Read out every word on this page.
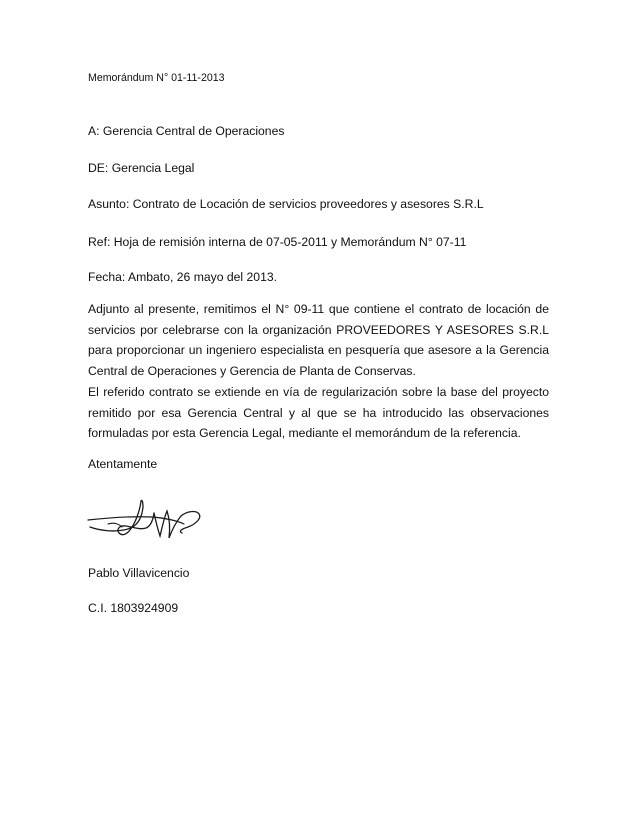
Memorándum N° 01-11-2013
A: Gerencia Central de Operaciones
DE: Gerencia Legal
Asunto: Contrato de Locación de servicios proveedores y asesores S.R.L
Ref: Hoja de remisión interna de 07-05-2011 y Memorándum N° 07-11
Fecha: Ambato, 26 mayo del 2013.
Adjunto al presente, remitimos el N° 09-11 que contiene el contrato de locación de servicios por celebrarse con la organización PROVEEDORES Y ASESORES S.R.L para proporcionar un ingeniero especialista en pesquería que asesore a la Gerencia Central de Operaciones y Gerencia de Planta de Conservas.
El referido contrato se extiende en vía de regularización sobre la base del proyecto remitido por esa Gerencia Central y al que se ha introducido las observaciones formuladas por esta Gerencia Legal, mediante el memorándum de la referencia.
Atentamente
Pablo Villavicencio
C.I. 1803924909
